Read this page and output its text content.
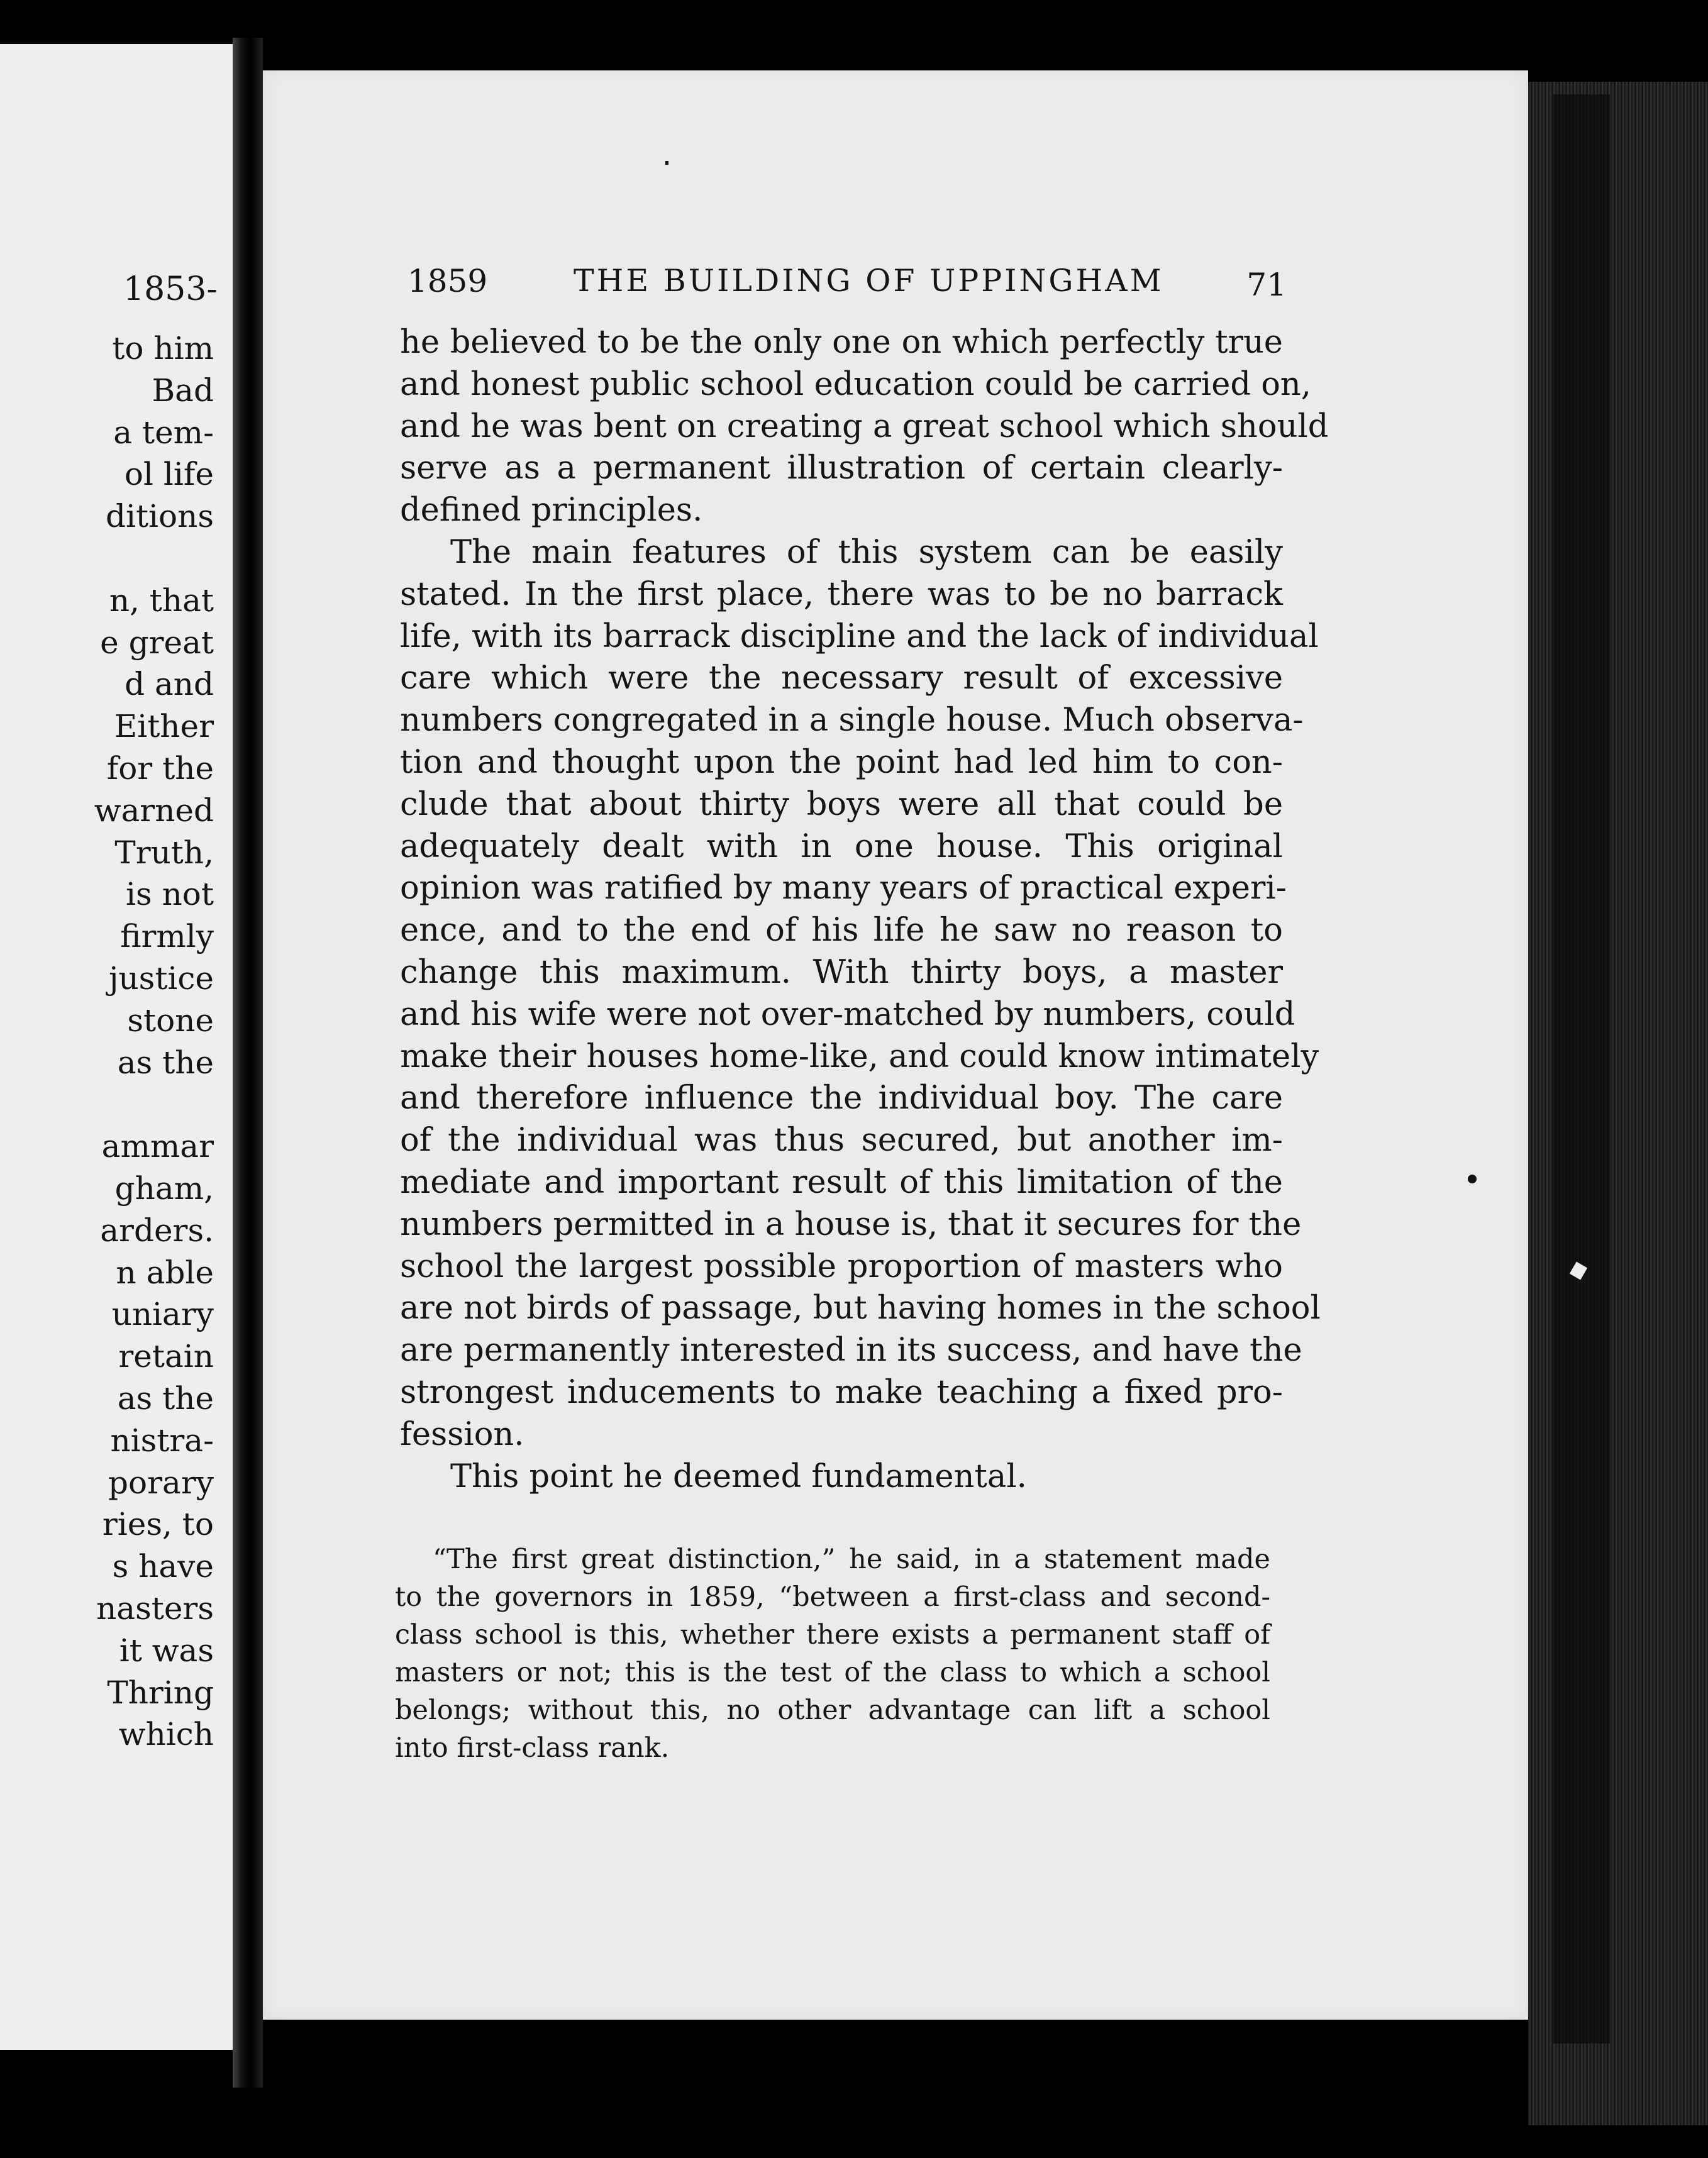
1853-
to him
Bad
a tem-
ol life
ditions
n, that
e great
d and
Either
for the
warned
Truth,
is not
firmly
justice
stone
as the
ammar
gham,
arders.
n able
uniary
retain
as the
nistra-
porary
ries, to
s have
nasters
it was
Thring
which
1859	THE BUILDING OF UPPINGHAM	71
he believed to be the only one on which perfectly true
and honest public school education could be carried on,
and he was bent on creating a great school which should
serve as a permanent illustration of certain clearly-
defined principles.
The main features of this system can be easily
stated. In the first place, there was to be no barrack
life, with its barrack discipline and the lack of individual
care which were the necessary result of excessive
numbers congregated in a single house. Much observa-
tion and thought upon the point had led him to con-
clude that about thirty boys were all that could be
adequately dealt with in one house. This original
opinion was ratified by many years of practical experi-
ence, and to the end of his life he saw no reason to
change this maximum. With thirty boys, a master
and his wife were not over-matched by numbers, could
make their houses home-like, and could know intimately
and therefore influence the individual boy. The care
of the individual was thus secured, but another im-
mediate and important result of this limitation of the
numbers permitted in a house is, that it secures for the
school the largest possible proportion of masters who
are not birds of passage, but having homes in the school
are permanently interested in its success, and have the
strongest inducements to make teaching a fixed pro-
fession.
This point he deemed fundamental.
“The first great distinction,” he said, in a statement made
to the governors in 1859, “between a first-class and second-
class school is this, whether there exists a permanent staff of
masters or not; this is the test of the class to which a school
belongs; without this, no other advantage can lift a school
into first-class rank.
